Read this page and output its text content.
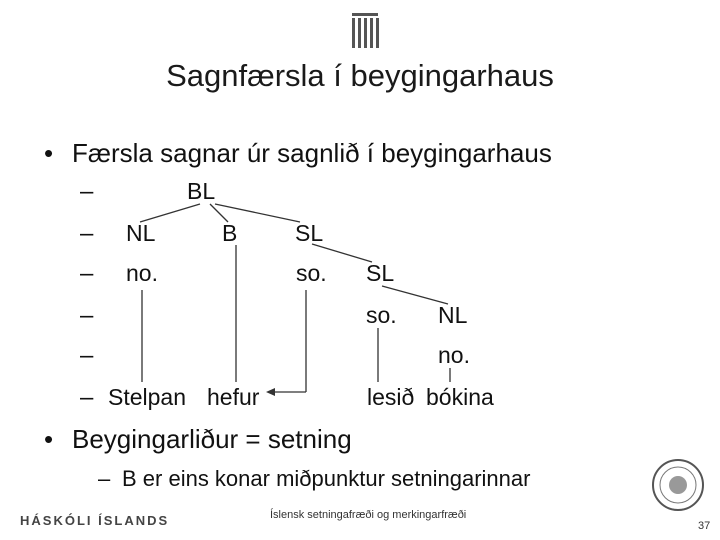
Sagnfærsla í beygingarhaus
• Færsla sagnar úr sagnlið í beygingarhaus
–
–
–
–
–
–
BL
NL	B	SL
no.	so. SL
so. NL
no.
Stelpan hefur	lesið bókina
• Beygingarliður = setning
– B er eins konar miðpunktur setningarinnar
HÁSKÓLI ÍSLANDS	Íslensk setningafræði og merkingarfræði
37
